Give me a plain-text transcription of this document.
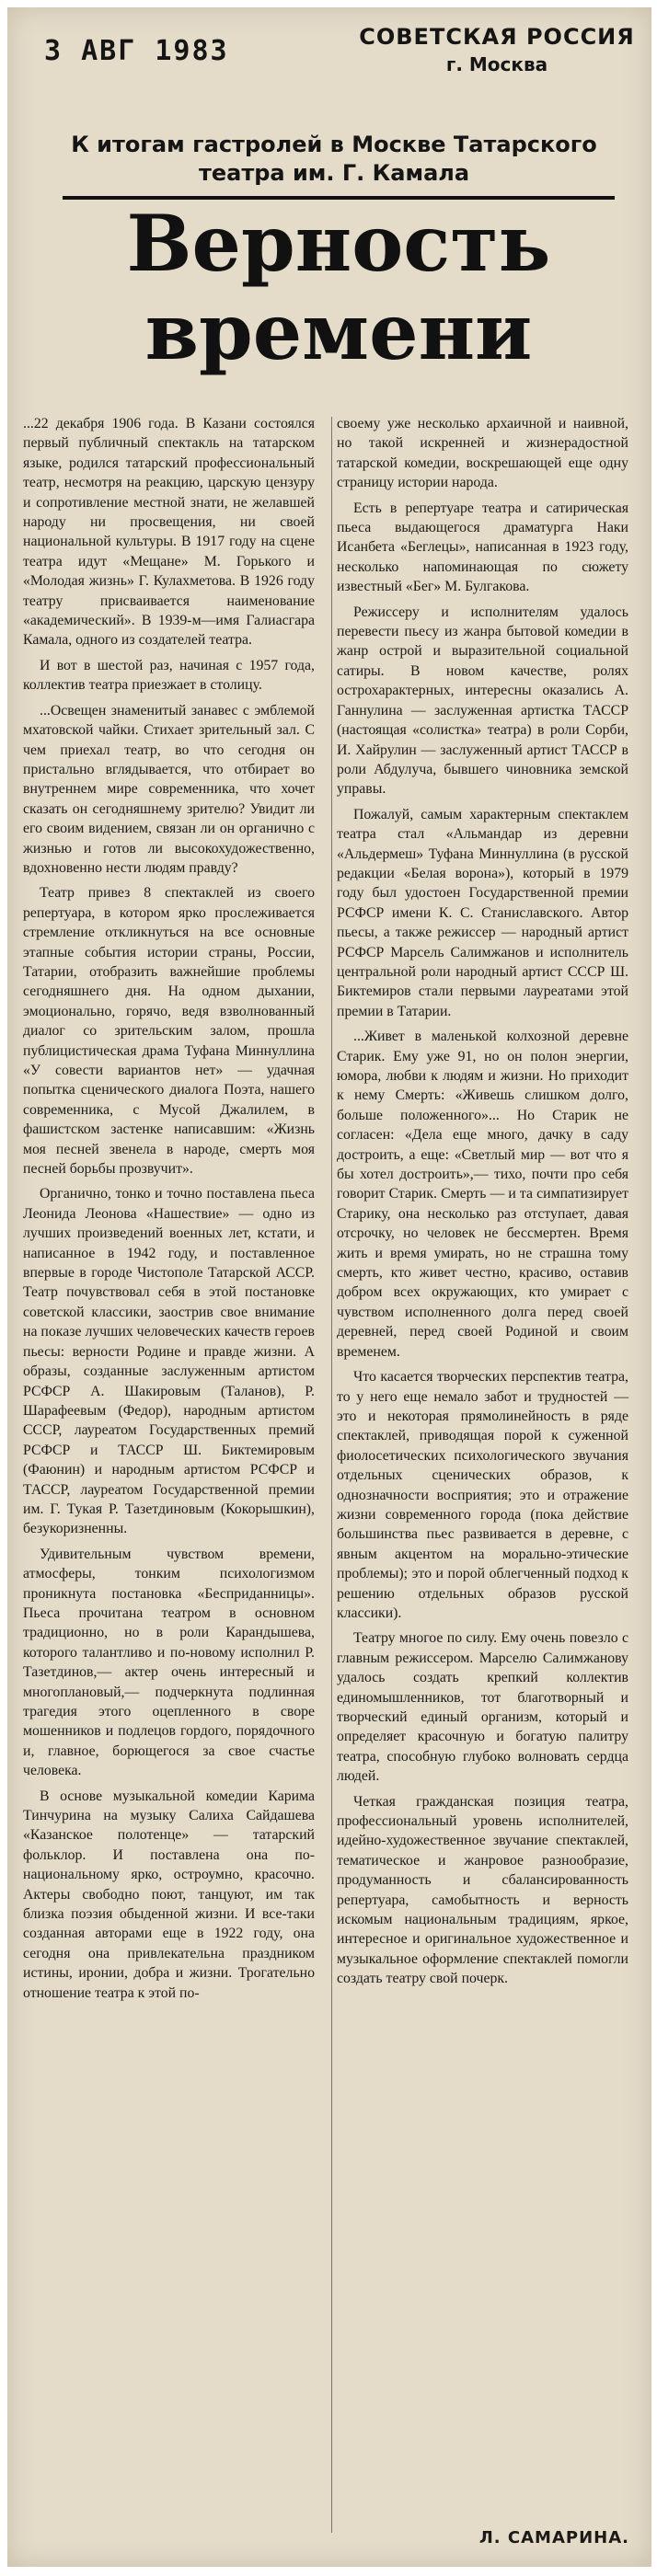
3 АВГ 1983	СОВЕТСКАЯ РОССИЯ
г. Москва
К итогам гастролей в Москве Татарского театра им. Г. Камала
Верность времени

...22 декабря 1906 года. В Казани состоялся первый публичный спектакль на татарском языке, родился татарский профессиональный театр, несмотря на реакцию, царскую цензуру и сопротивление местной знати, не желавшей народу ни просвещения, ни своей национальной культуры. В 1917 году на сцене театра идут «Мещане» М. Горького и «Молодая жизнь» Г. Кулахметова. В 1926 году театру присваивается наименование «академический». В 1939-м—имя Галиасгара Камала, одного из создателей театра.

И вот в шестой раз, начиная с 1957 года, коллектив театра приезжает в столицу.

...Освещен знаменитый занавес с эмблемой мхатовской чайки. Стихает зрительный зал. С чем приехал театр, во что сегодня он пристально вглядывается, что отбирает во внутреннем мире современника, что хочет сказать он сегодняшнему зрителю? Увидит ли его своим видением, связан ли он органично с жизнью и готов ли высокохудожественно, вдохновенно нести людям правду?

Театр привез 8 спектаклей из своего репертуара, в котором ярко прослеживается стремление откликнуться на все основные этапные события истории страны, России, Татарии, отобразить важнейшие проблемы сегодняшнего дня. На одном дыхании, эмоционально, горячо, ведя взволнованный диалог со зрительским залом, прошла публицистическая драма Туфана Миннуллина «У совести вариантов нет» — удачная попытка сценического диалога Поэта, нашего современника, с Мусой Джалилем, в фашистском застенке написавшим: «Жизнь моя песней звенела в народе, смерть моя песней борьбы прозвучит».

Органично, тонко и точно поставлена пьеса Леонида Леонова «Нашествие» — одно из лучших произведений военных лет, кстати, и написанное в 1942 году, и поставленное впервые в городе Чистополе Татарской АССР. Театр почувствовал себя в этой постановке советской классики, заострив свое внимание на показе лучших человеческих качеств героев пьесы: верности Родине и правде жизни. А образы, созданные заслуженным артистом РСФСР А. Шакировым (Таланов), Р. Шарафеевым (Федор), народным артистом СССР, лауреатом Государственных премий РСФСР и ТАССР Ш. Биктемировым (Фаюнин) и народным артистом РСФСР и ТАССР, лауреатом Государственной премии им. Г. Тукая Р. Тазетдиновым (Кокорышкин), безукоризненны.

Удивительным чувством времени, атмосферы, тонким психологизмом проникнута постановка «Бесприданницы». Пьеса прочитана театром в основном традиционно, но в роли Карандышева, которого талантливо и по-новому исполнил Р. Тазетдинов,— актер очень интересный и многоплановый,— подчеркнута подлинная трагедия этого оцепленного в своре мошенников и подлецов гордого, порядочного и, главное, борющегося за свое счастье человека.

В основе музыкальной комедии Карима Тинчурина на музыку Салиха Сайдашева «Казанское полотенце» — татарский фольклор. И поставлена она по-национальному ярко, остроумно, красочно. Актеры свободно поют, танцуют, им так близка поэзия обыденной жизни. И все-таки созданная авторами еще в 1922 году, она сегодня она привлекательна праздником истины, иронии, добра и жизни. Трогательно отношение театра к этой по-

своему уже несколько архаичной и наивной, но такой искренней и жизнерадостной татарской комедии, воскрешающей еще одну страницу истории народа.

Есть в репертуаре театра и сатирическая пьеса выдающегося драматурга Наки Исанбета «Беглецы», написанная в 1923 году, несколько напоминающая по сюжету известный «Бег» М. Булгакова.

Режиссеру и исполнителям удалось перевести пьесу из жанра бытовой комедии в жанр острой и выразительной социальной сатиры. В новом качестве, ролях острохарактерных, интересны оказались А. Ганнулина — заслуженная артистка ТАССР (настоящая «солистка» театра) в роли Сорби, И. Хайрулин — заслуженный артист ТАССР в роли Абдулуча, бывшего чиновника земской управы.

Пожалуй, самым характерным спектаклем театра стал «Альмандар из деревни «Альдермеш» Туфана Миннуллина (в русской редакции «Белая ворона»), который в 1979 году был удостоен Государственной премии РСФСР имени К. С. Станиславского. Автор пьесы, а также режиссер — народный артист РСФСР Марсель Салимжанов и исполнитель центральной роли народный артист СССР Ш. Биктемиров стали первыми лауреатами этой премии в Татарии.

...Живет в маленькой колхозной деревне Старик. Ему уже 91, но он полон энергии, юмора, любви к людям и жизни. Но приходит к нему Смерть: «Живешь слишком долго, больше положенного»... Но Старик не согласен: «Дела еще много, дачку в саду достроить, а еще: «Светлый мир — вот что я бы хотел достроить»,— тихо, почти про себя говорит Старик. Смерть — и та симпатизирует Старику, она несколько раз отступает, давая отсрочку, но человек не бессмертен. Время жить и время умирать, но не страшна тому смерть, кто живет честно, красиво, оставив добром всех окружающих, кто умирает с чувством исполненного долга перед своей деревней, перед своей Родиной и своим временем.

Что касается творческих перспектив театра, то у него еще немало забот и трудностей — это и некоторая прямолинейность в ряде спектаклей, приводящая порой к суженной фиолосетических психологического звучания отдельных сценических образов, к однозначности восприятия; это и отражение жизни современного города (пока действие большинства пьес развивается в деревне, с явным акцентом на морально-этические проблемы); это и порой облегченный подход к решению отдельных образов русской классики).

Театру многое по силу. Ему очень повезло с главным режиссером. Марселю Салимжанову удалось создать крепкий коллектив единомышленников, тот благотворный и творческий единый организм, который и определяет красочную и богатую палитру театра, способную глубоко волновать сердца людей.

Четкая гражданская позиция театра, профессиональный уровень исполнителей, идейно-художественное звучание спектаклей, тематическое и жанровое разнообразие, продуманность и сбалансированность репертуара, самобытность и верность искомым национальным традициям, яркое, интересное и оригинальное художественное и музыкальное оформление спектаклей помогли создать театру свой почерк.

Л. САМАРИНА.
